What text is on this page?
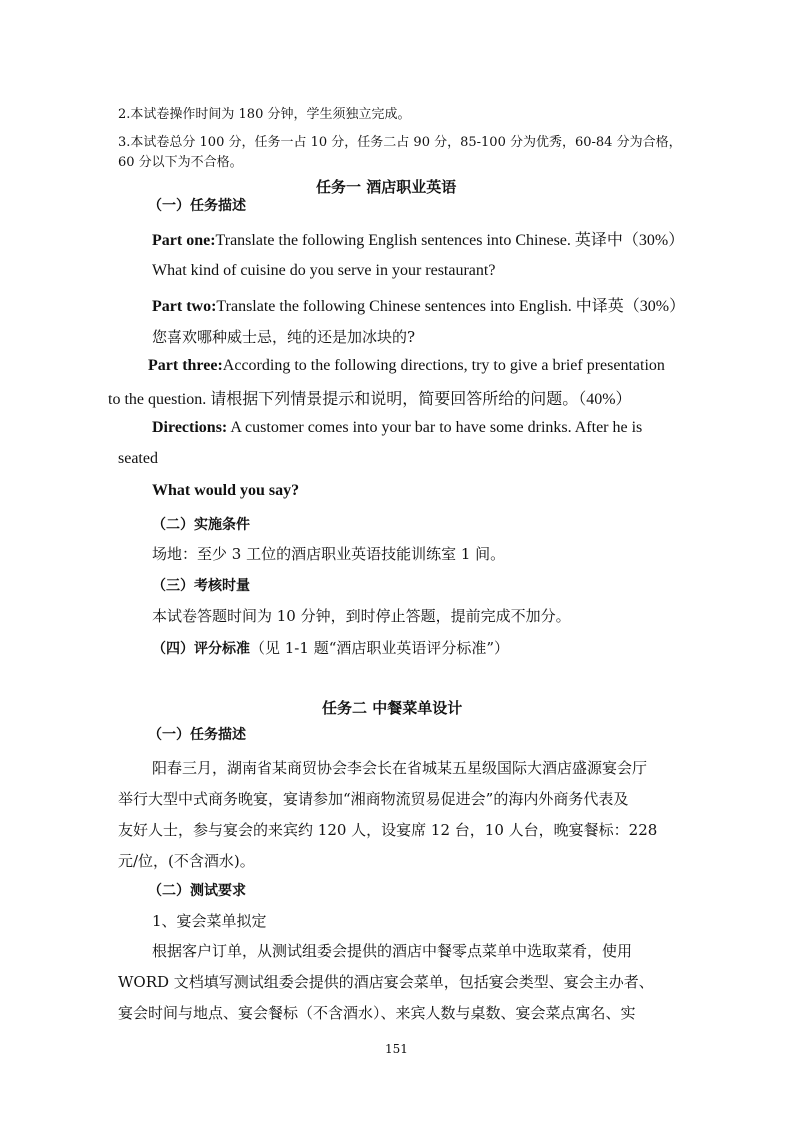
2.本试卷操作时间为 180 分钟，学生须独立完成。
3.本试卷总分 100 分，任务一占 10 分，任务二占 90 分，85-100 分为优秀，60-84 分为合格，
60 分以下为不合格。
任务一 酒店职业英语
（一）任务描述
Part one:Translate the following English sentences into Chinese. 英译中（30%）
What kind of cuisine do you serve in your restaurant?
Part two:Translate the following Chinese sentences into English. 中译英（30%）
您喜欢哪种威士忌，纯的还是加冰块的?
Part three:According to the following directions, try to give a brief presentation
to the question. 请根据下列情景提示和说明，简要回答所给的问题。（40%）
Directions: A customer comes into your bar to have some drinks. After he is
seated
What would you say?
（二）实施条件
场地：至少 3 工位的酒店职业英语技能训练室 1 间。
（三）考核时量
本试卷答题时间为 10 分钟，到时停止答题，提前完成不加分。
（四）评分标准（见 1-1 题“酒店职业英语评分标准”）
任务二 中餐菜单设计
（一）任务描述
阳春三月，湖南省某商贸协会李会长在省城某五星级国际大酒店盛源宴会厅
举行大型中式商务晚宴，宴请参加“湘商物流贸易促进会”的海内外商务代表及
友好人士，参与宴会的来宾约 120 人，设宴席 12 台，10 人台，晚宴餐标：228
元/位，(不含酒水)。
（二）测试要求
1、宴会菜单拟定
根据客户订单，从测试组委会提供的酒店中餐零点菜单中选取菜肴，使用
WORD 文档填写测试组委会提供的酒店宴会菜单，包括宴会类型、宴会主办者、
宴会时间与地点、宴会餐标（不含酒水）、来宾人数与桌数、宴会菜点寓名、实
151
